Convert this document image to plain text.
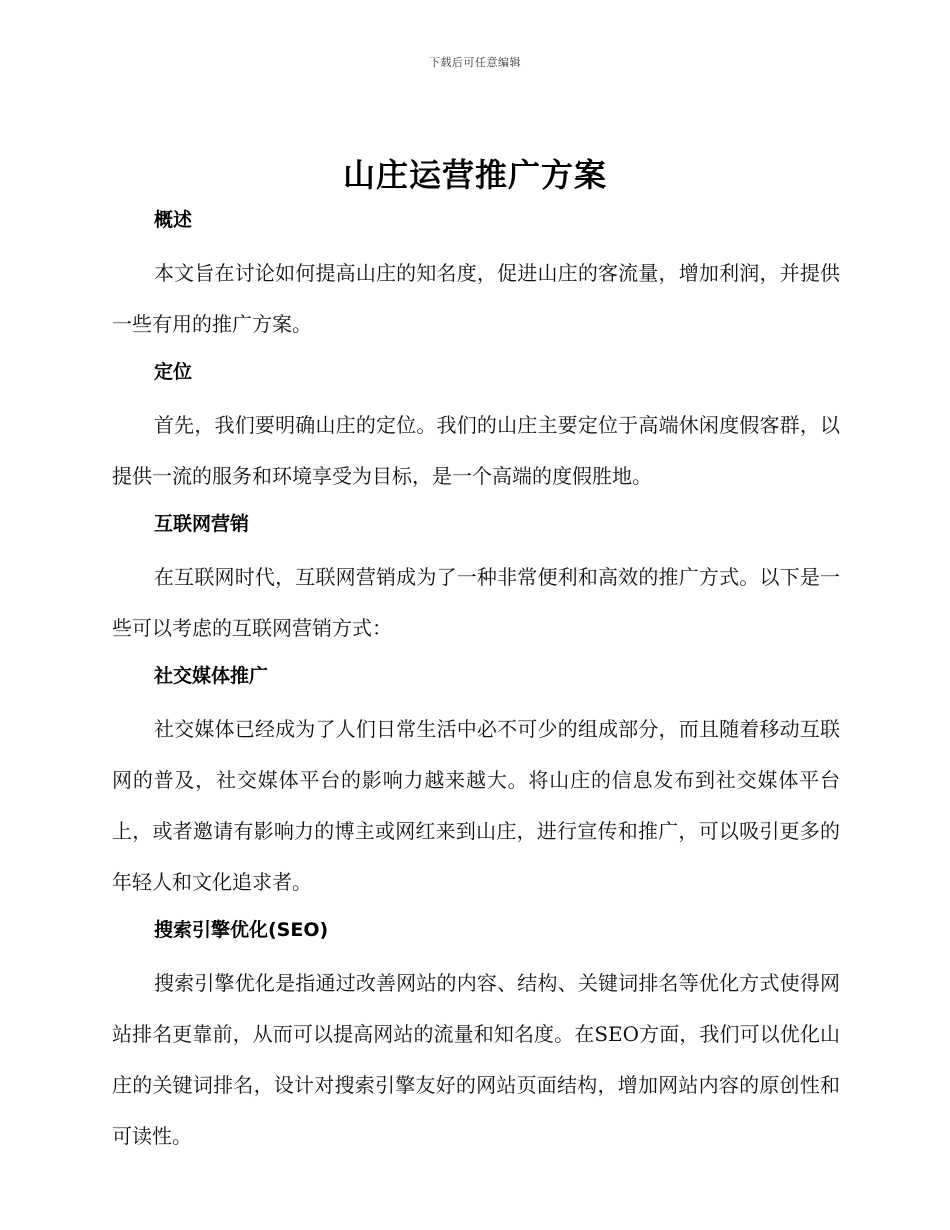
下载后可任意编辑
山庄运营推广方案
概述

本文旨在讨论如何提高山庄的知名度，促进山庄的客流量，增加利润，并提供一些有用的推广方案。

定位

首先，我们要明确山庄的定位。我们的山庄主要定位于高端休闲度假客群，以提供一流的服务和环境享受为目标，是一个高端的度假胜地。

互联网营销

在互联网时代，互联网营销成为了一种非常便利和高效的推广方式。以下是一些可以考虑的互联网营销方式：

社交媒体推广

社交媒体已经成为了人们日常生活中必不可少的组成部分，而且随着移动互联网的普及，社交媒体平台的影响力越来越大。将山庄的信息发布到社交媒体平台上，或者邀请有影响力的博主或网红来到山庄，进行宣传和推广，可以吸引更多的年轻人和文化追求者。

搜索引擎优化(SEO)

搜索引擎优化是指通过改善网站的内容、结构、关键词排名等优化方式使得网站排名更靠前，从而可以提高网站的流量和知名度。在SEO方面，我们可以优化山庄的关键词排名，设计对搜索引擎友好的网站页面结构，增加网站内容的原创性和可读性。
